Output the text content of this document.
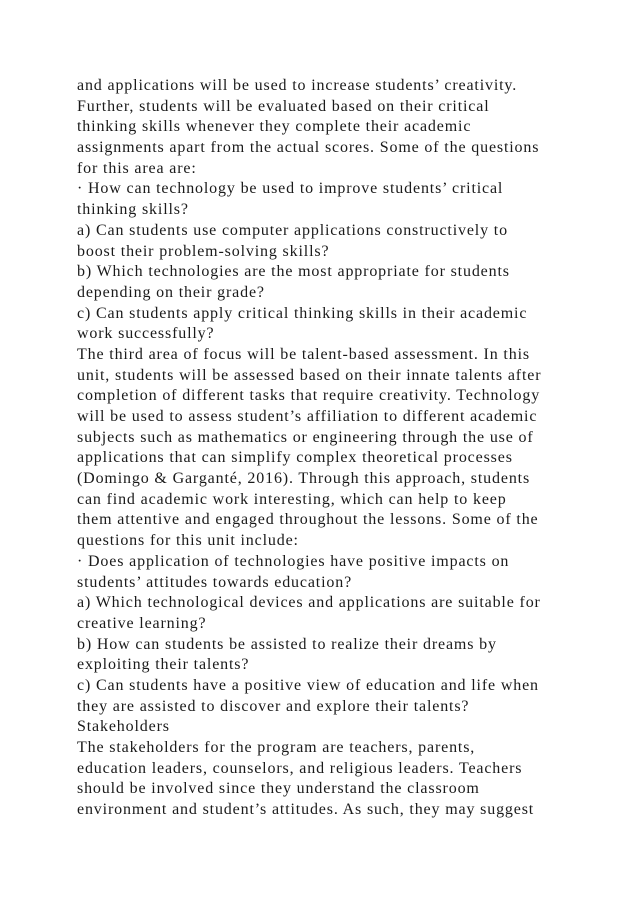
and applications will be used to increase students’ creativity.
Further, students will be evaluated based on their critical
thinking skills whenever they complete their academic
assignments apart from the actual scores. Some of the questions
for this area are:
· How can technology be used to improve students’ critical
thinking skills?
a) Can students use computer applications constructively to
boost their problem-solving skills?
b) Which technologies are the most appropriate for students
depending on their grade?
c) Can students apply critical thinking skills in their academic
work successfully?
The third area of focus will be talent-based assessment. In this
unit, students will be assessed based on their innate talents after
completion of different tasks that require creativity. Technology
will be used to assess student’s affiliation to different academic
subjects such as mathematics or engineering through the use of
applications that can simplify complex theoretical processes
(Domingo & Garganté, 2016). Through this approach, students
can find academic work interesting, which can help to keep
them attentive and engaged throughout the lessons. Some of the
questions for this unit include:
· Does application of technologies have positive impacts on
students’ attitudes towards education?
a) Which technological devices and applications are suitable for
creative learning?
b) How can students be assisted to realize their dreams by
exploiting their talents?
c) Can students have a positive view of education and life when
they are assisted to discover and explore their talents?
Stakeholders
The stakeholders for the program are teachers, parents,
education leaders, counselors, and religious leaders. Teachers
should be involved since they understand the classroom
environment and student’s attitudes. As such, they may suggest
